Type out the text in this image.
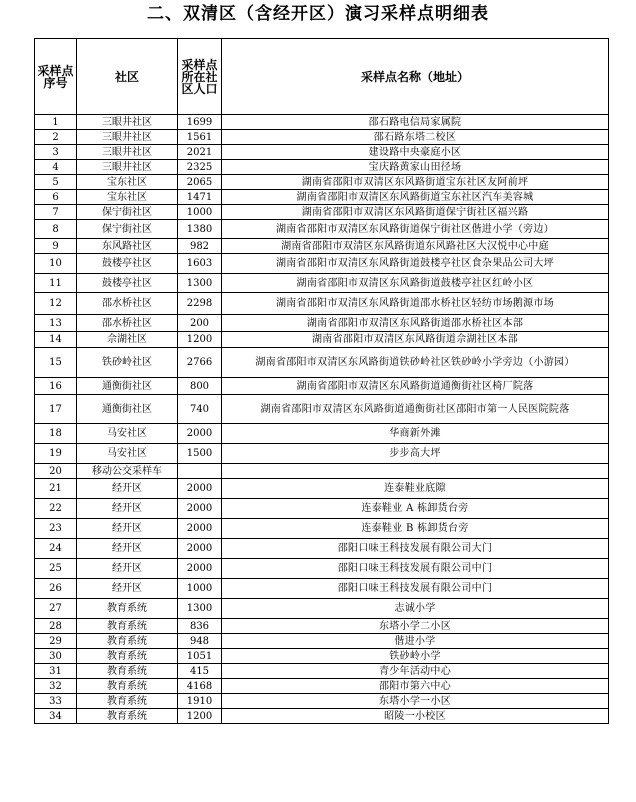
二、双清区（含经开区）演习采样点明细表
采样点序号	社区	采样点所在社区人口	采样点名称（地址）
1	三眼井社区	1699	邵石路电信局家属院
2	三眼井社区	1561	邵石路东塔二校区
3	三眼井社区	2021	建设路中央豪庭小区
4	三眼井社区	2325	宝庆路黄家山田径场
5	宝东社区	2065	湖南省邵阳市双清区东风路街道宝东社区友阿前坪
6	宝东社区	1471	湖南省邵阳市双清区东风路街道宝东社区汽车美容城
7	保宁街社区	1000	湖南省邵阳市双清区东风路街道保宁街社区福兴路
8	保宁街社区	1380	湖南省邵阳市双清区东风路街道保宁街社区偕进小学（旁边）
9	东风路社区	982	湖南省邵阳市双清区东风路街道东风路社区大汉悦中心中庭
10	鼓楼亭社区	1603	湖南省邵阳市双清区东风路街道鼓楼亭社区食杂果品公司大坪
11	鼓楼亭社区	1300	湖南省邵阳市双清区东风路街道鼓楼亭社区红岭小区
12	邵水桥社区	2298	湖南省邵阳市双清区东风路街道邵水桥社区轻纺市场鹅源市场
13	邵水桥社区	200	湖南省邵阳市双清区东风路街道邵水桥社区本部
14	佘湖社区	1200	湖南省邵阳市双清区东风路街道佘湖社区本部
15	铁砂岭社区	2766	湖南省邵阳市双清区东风路街道铁砂岭社区铁砂岭小学旁边（小游园）
16	通衡街社区	800	湖南省邵阳市双清区东风路街道通衡街社区椅厂院落
17	通衡街社区	740	湖南省邵阳市双清区东风路街道通衡街社区邵阳市第一人民医院院落
18	马安社区	2000	华商新外滩
19	马安社区	1500	步步高大坪
20	移动公交采样车		
21	经开区	2000	连泰鞋业底隙
22	经开区	2000	连泰鞋业 A 栋卸货台旁
23	经开区	2000	连泰鞋业 B 栋卸货台旁
24	经开区	2000	邵阳口味王科技发展有限公司大门
25	经开区	2000	邵阳口味王科技发展有限公司中门
26	经开区	1000	邵阳口味王科技发展有限公司中门
27	教育系统	1300	志诚小学
28	教育系统	836	东塔小学二小区
29	教育系统	948	偕进小学
30	教育系统	1051	铁砂岭小学
31	教育系统	415	青少年活动中心
32	教育系统	4168	邵阳市第六中心
33	教育系统	1910	东塔小学一小区
34	教育系统	1200	昭陵一小校区
